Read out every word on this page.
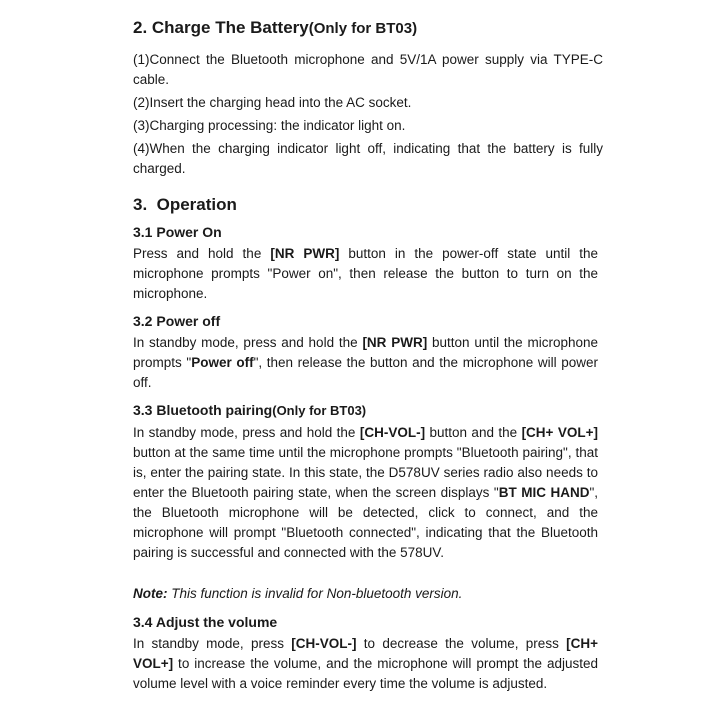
2. Charge The Battery(Only for BT03)

(1)Connect the Bluetooth microphone and 5V/1A power supply via TYPE-C cable.

(2)Insert the charging head into the AC socket.

(3)Charging processing: the indicator light on.

(4)When the charging indicator light off, indicating that the battery is fully charged.

3.  Operation
3.1 Power On

Press and hold the [NR PWR] button in the power-off state until the microphone prompts "Power on", then release the button to turn on the microphone.

3.2 Power off

In standby mode, press and hold the [NR PWR] button until the microphone prompts "Power off", then release the button and the microphone will power off.

3.3 Bluetooth pairing(Only for BT03)

In standby mode, press and hold the [CH-VOL-] button and the [CH+ VOL+] button at the same time until the microphone prompts "Bluetooth pairing", that is, enter the pairing state. In this state, the D578UV series radio also needs to enter the Bluetooth pairing state, when the screen displays "BT MIC HAND", the Bluetooth microphone will be detected, click to connect, and the microphone will prompt "Bluetooth connected", indicating that the Bluetooth pairing is successful and connected with the 578UV.

Note: This function is invalid for Non-bluetooth version.

3.4 Adjust the volume

In standby mode, press [CH-VOL-] to decrease the volume, press [CH+ VOL+] to increase the volume, and the microphone will prompt the adjusted volume level with a voice reminder every time the volume is adjusted.
